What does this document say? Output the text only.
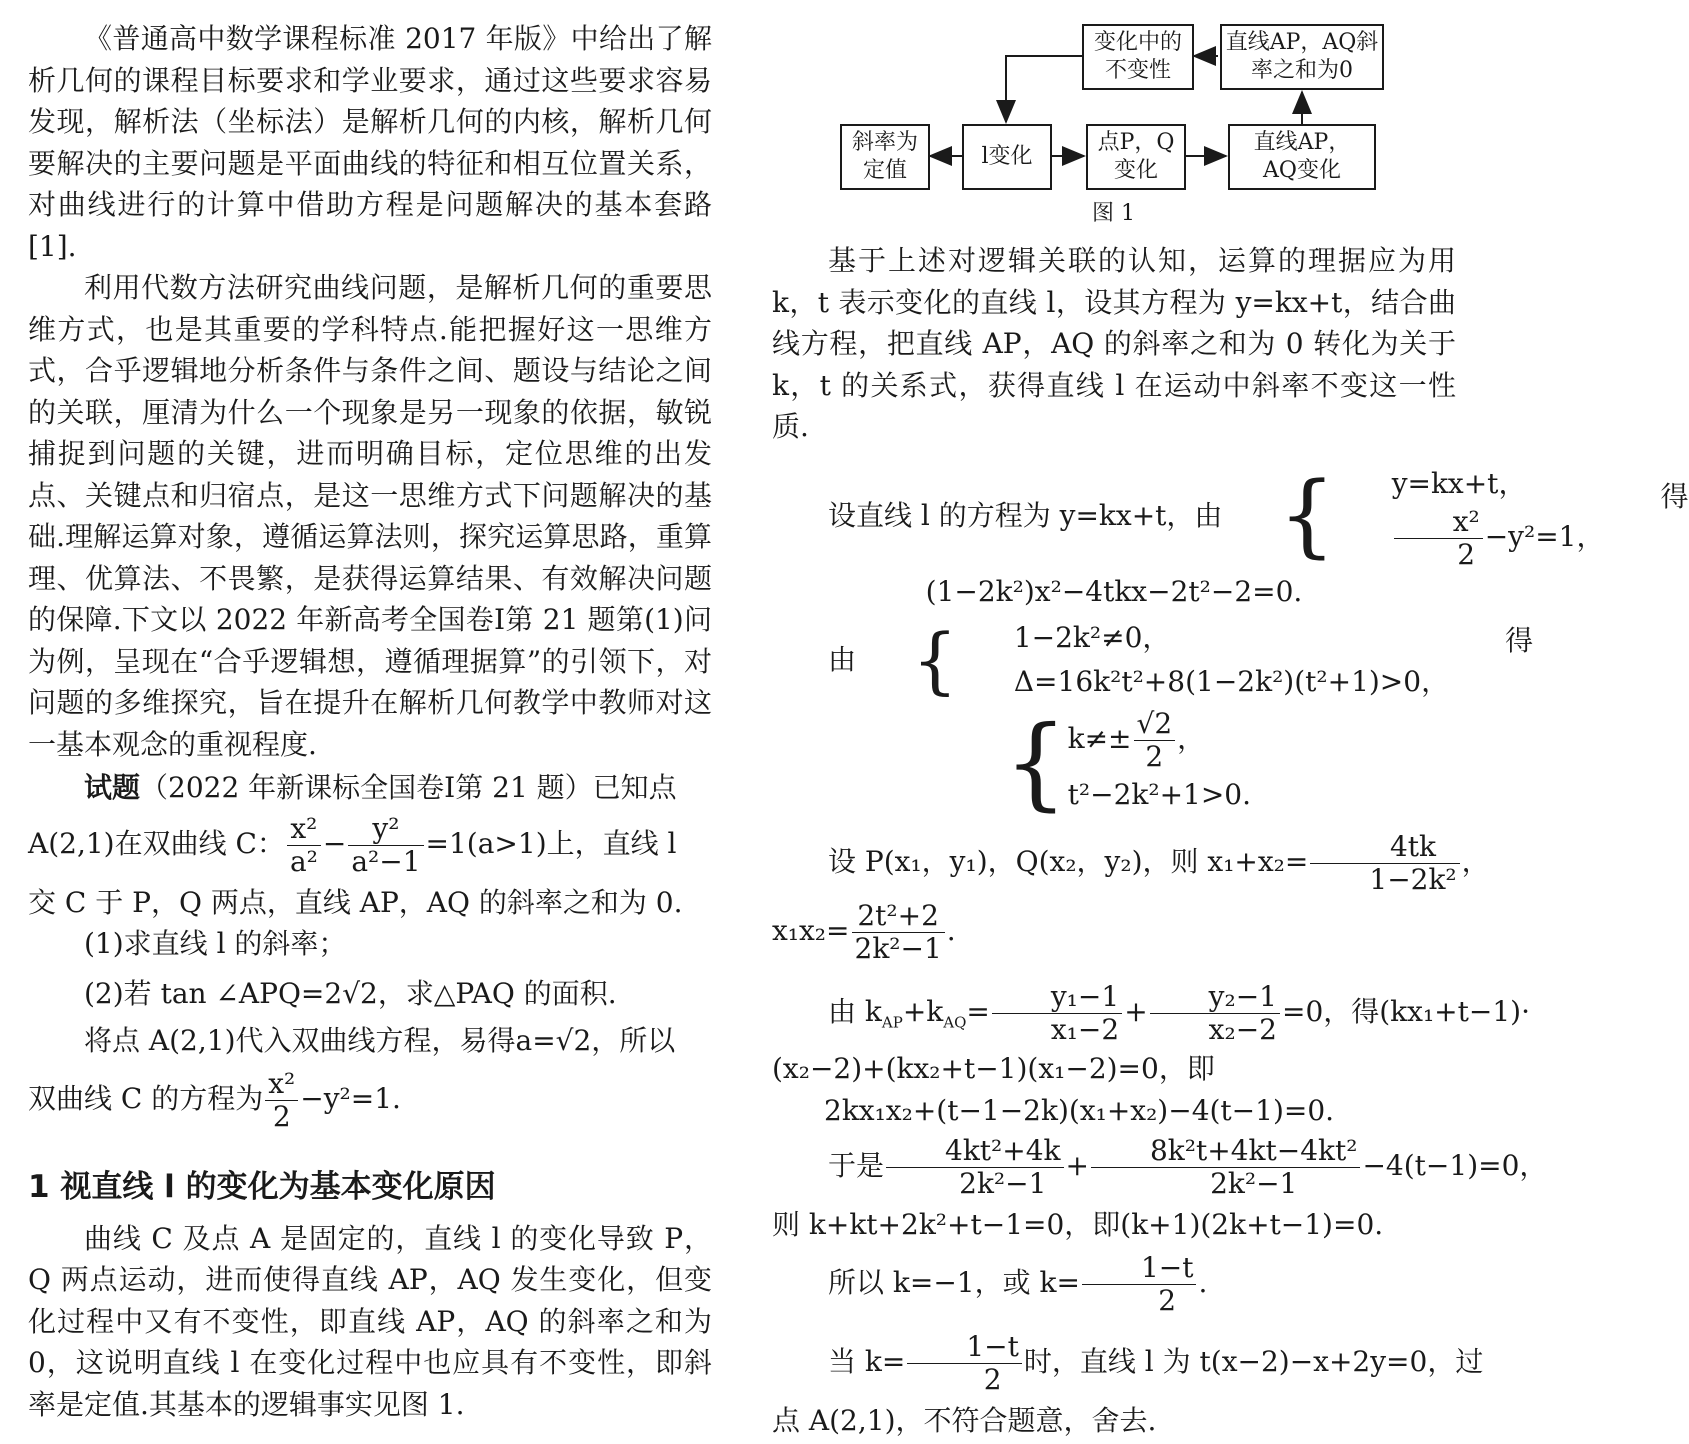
《普通高中数学课程标准 2017 年版》中给出了解析几何的课程目标要求和学业要求，通过这些要求容易发现，解析法（坐标法）是解析几何的内核，解析几何要解决的主要问题是平面曲线的特征和相互位置关系，对曲线进行的计算中借助方程是问题解决的基本套路[1].

利用代数方法研究曲线问题，是解析几何的重要思维方式，也是其重要的学科特点.能把握好这一思维方式，合乎逻辑地分析条件与条件之间、题设与结论之间的关联，厘清为什么一个现象是另一现象的依据，敏锐捕捉到问题的关键，进而明确目标，定位思维的出发点、关键点和归宿点，是这一思维方式下问题解决的基础.理解运算对象，遵循运算法则，探究运算思路，重算理、优算法、不畏繁，是获得运算结果、有效解决问题的保障.下文以 2022 年新高考全国卷Ⅰ第 21 题第(1)问为例，呈现在“合乎逻辑想，遵循理据算”的引领下，对问题的多维探究，旨在提升在解析几何教学中教师对这一基本观念的重视程度.

试题（2022 年新课标全国卷Ⅰ第 21 题）已知点

A(2,1)在双曲线 C： $\frac{\text{x²}}{\text{a²}} - \frac{\text{y²}}{\text{a²−1}} =1(a>1)$上，直线 l

交 C 于 P，Q 两点，直线 AP，AQ 的斜率之和为 0.

(1)求直线 l 的斜率；

(2)若 tan ∠APQ=2√2，求△PAQ 的面积.

将点 A(2,1)代入双曲线方程，易得a=√2，所以

双曲线 C 的方程为 $\frac{\text{x²}}{2} -y^2=1$.

1 视直线 l 的变化为基本变化原因

曲线 C 及点 A 是固定的，直线 l 的变化导致 P，Q 两点运动，进而使得直线 AP，AQ 发生变化，但变化过程中又有不变性，即直线 AP，AQ 的斜率之和为 0，这说明直线 l 在变化过程中也应具有不变性，即斜率是定值.其基本的逻辑事实见图 1.

斜率为
定值
l变化
点P，Q
变化
直线AP，
AQ变化
直线AP，AQ斜
率之和为0
变化中的
不变性
图 1

基于上述对逻辑关联的认知，运算的理据应为用 k，t 表示变化的直线 l，设其方程为 y=kx+t，结合曲线方程，把直线 AP，AQ 的斜率之和为 0 转化为关于 k，t 的关系式，获得直线 l 在运动中斜率不变这一性质.

设直线 l 的方程为 y=kx+t，由 {	y=kx+t，
$\frac{\text{x²}}{2} -y^2=1$，
得

(1−2k²)x²−4tkx−2t²−2=0.

由 {	1−2k²≠0，
Δ=16k²t²+8(1−2k²)(t²+1)>0，
得
{ $k\ne\pm \frac{√2}{2}$ ，
t²−2k²+1>0.
设 P(x₁，y₁)，Q(x₂，y₂)，则 $x_1+x_2= \frac{4tk}{\text{1−2k²}}$ ，
$x_1x_2= \frac{\text{2t²+2}}{\text{2k²−1}}$ .
由 $k_{AP}+k_{AQ}= \frac{\text{y₁−1}}{\text{x₁−2}} + \frac{\text{y₂−1}}{\text{x₂−2}} =0$，得(kx₁+t−1)·

(x₂−2)+(kx₂+t−1)(x₁−2)=0，即

2kx₁x₂+(t−1−2k)(x₁+x₂)−4(t−1)=0.

于是 $\frac{\text{4kt²+4k}}{\text{2k²−1}} + \frac{\text{8k²t+4kt−4kt²}}{\text{2k²−1}} -4(t-1)=0$，

则 k+kt+2k²+t−1=0，即(k+1)(2k+t−1)=0.

所以 k=−1，或 $k= \frac{1-t}{2}$ .
当 $k= \frac{1-t}{2}$ 时，直线 l 为 t(x−2)−x+2y=0，过

点 A(2,1)，不符合题意，舍去.
